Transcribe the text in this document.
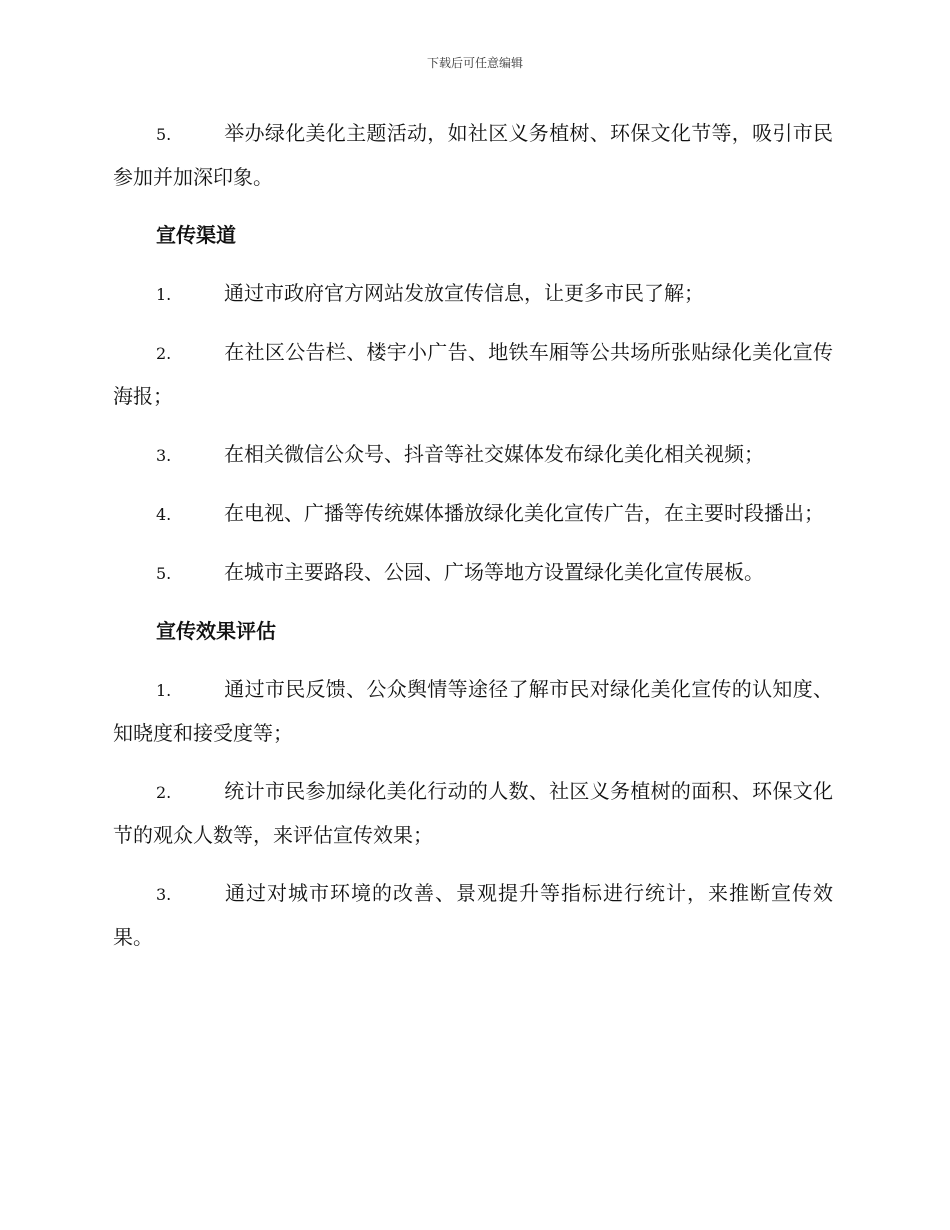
下载后可任意编辑

5.	举办绿化美化主题活动，如社区义务植树、环保文化节等，吸引市民参加并加深印象。

宣传渠道

1.	通过市政府官方网站发放宣传信息，让更多市民了解；

2.	在社区公告栏、楼宇小广告、地铁车厢等公共场所张贴绿化美化宣传海报；

3.	在相关微信公众号、抖音等社交媒体发布绿化美化相关视频；

4.	在电视、广播等传统媒体播放绿化美化宣传广告，在主要时段播出；

5.	在城市主要路段、公园、广场等地方设置绿化美化宣传展板。

宣传效果评估

1.	通过市民反馈、公众舆情等途径了解市民对绿化美化宣传的认知度、知晓度和接受度等；

2.	统计市民参加绿化美化行动的人数、社区义务植树的面积、环保文化节的观众人数等，来评估宣传效果；

3.	通过对城市环境的改善、景观提升等指标进行统计，来推断宣传效果。
